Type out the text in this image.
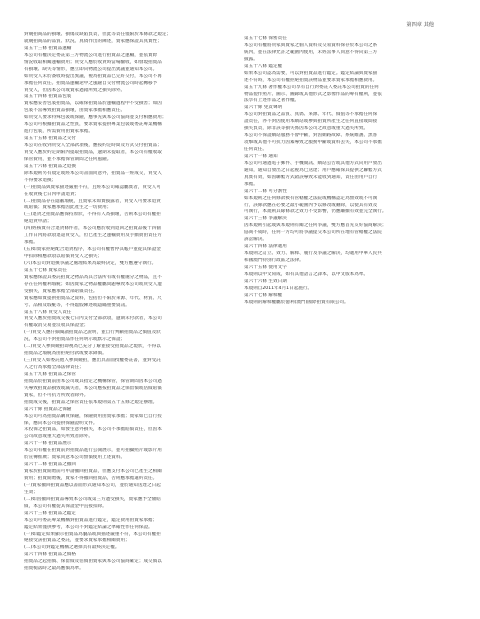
第四章 其他
對競拍商品的損壞、損傷及缺陷負責，但此等責任僅限於本條款之規定；
就競拍商品的品質、狀況、真偽作出的陳述，賣家應保證其真實性；
第五十三條 拍賣品運輸
本公司有權決定委託第三方物流公司進行拍賣品之運輸，並依實際
情況收取相關運輸費用；買受人應於收貨時當場驗收，如發現拍賣品
有損壞、缺失等情形，應立即向物流公司提出異議並通知本公司。
如買受人未於簽收時提出異議，視為拍賣品已完好交付，本公司不再
承擔任何責任。拍賣品運輸途中之風險自交付物流公司時起轉移予
買受人，但因本公司或賣家過錯所致之損失除外。
第五十四條 拍賣品包裝
賣家應妥善包裝拍賣品，以確保拍賣品於運輸過程中不受損害；如因
包裝不當導致拍賣品損壞，由賣家承擔相應責任。
如買受人要求特殊包裝或保險，應事先與本公司協商並支付相應費用；
本公司可根據拍賣品之性質，要求賣家提供專業包裝或委託專業機構
進行包裝，所需費用由賣家承擔。
第五十五條 拍賣品之交付
本公司在收到買受人全部款項後，應按約定時間及方式交付拍賣品；
買受人應於約定期限內提取拍賣品，逾期未提取者，本公司有權收取
保管費用，並不承擔保管期間之任何風險。
第五十六條 拍賣品之退換
除本規則另有規定或經本公司書面同意外，拍賣品一經成交，買受人
不得要求退換；
(一)拍賣品與賣家描述嚴重不符，且經本公司確認屬實者，買受人可
在收貨後七日內申請退貨；
(二)拍賣品存在隱蔽瑕疵，且賣家未如實披露者，買受人可要求退貨
或賠償；賣家應承擔因此產生之一切費用；
(三)退貨之拍賣品應保持原狀，不得有人為損壞，否則本公司有權拒
絕退貨申請；
(四)經核實符合退貨條件者，本公司應於收到退回之拍賣品後十四個
工作日內將款項退還買受人，但已產生之運輸費用及手續費由責任方
承擔。
(五)如賣家拒絕配合退貨程序，本公司有權暫停其帳戶並從其保證金
中扣除相應款項以賠償買受人之損失；
(六)本公司對退換爭議之處理結果為最終決定，雙方應遵守執行。
第五十七條 賣家責任
賣家應保證其委託拍賣之物品為其合法所有或有權處分之物品，且不
存在任何權利瑕疵；如因賣家之物品權屬問題導致本公司或買受人遭
受損失，賣家應承擔全部賠償責任。
賣家應如實提供拍賣品之資料，包括但不限於來源、年代、材質、尺
寸、品相及瑕疵等，不得虛假陳述或隱瞞重要資訊。
第五十八條 買受人責任
買受人應於拍賣成交後七日內支付全部款項，逾期未付款者，本公司
有權取消交易並沒收其保證金；
(一)買受人應仔細閱讀拍賣品之說明，並自行判斷拍賣品之價值及狀
況，本公司不對拍賣品作任何明示或默示之保證；
(二)買受人參與競拍即視為已充分了解並接受拍賣品之現狀，不得以
拍賣品之瑕疵為由拒絕付款或要求降價。
(三)買受人如委託他人參與競拍，應出具書面授權委託書，並對受託
人之行為承擔全部法律責任；
第五十九條 拍賣品之保管
拍賣品於拍賣前由本公司或其指定之機構保管，保管期間因本公司過
失導致拍賣品損毀或滅失者，本公司應按拍賣品之保留價或估價賠償
賣家，但不可抗力所致者除外。
拍賣成交後，拍賣品之保管責任依本規則第五十五條之規定辦理。
第六十條 拍賣品之保險
本公司可為拍賣品購買保險，保險費用由賣家承擔；賣家如已自行投
保，應向本公司提供保險證明文件。
未投保之拍賣品，如發生意外損失，本公司不承擔賠償責任，但因本
公司故意或重大過失所致者除外。
第六十一條 拍賣品展示
本公司有權在拍賣前對拍賣品進行公開展示，並可拍攝照片或影片用
於宣傳推廣；賣家同意本公司無償使用上述資料。
第六十二條 拍賣品之撤回
賣家於拍賣開始前可申請撤回拍賣品，但應支付本公司已產生之相關
費用；拍賣開始後，賣家不得撤回拍賣品，否則應承擔違約責任。
(一)賣家撤回拍賣品應以書面形式通知本公司，並於通知送達之日起
生效；
(二)如因撤回拍賣品導致本公司或第三方遭受損失，賣家應予全額賠
償，本公司有權從其保證金中直接扣除。
第六十三條 拍賣品之鑑定
本公司可委託專業機構對拍賣品進行鑑定，鑑定費用由賣家承擔；
鑑定結果僅供參考，本公司不對鑑定結論之準確性作任何保證。
(一)如鑑定結果顯示拍賣品為贗品或與描述嚴重不符，本公司有權拒
絕接受該拍賣品之委託，並要求賣家承擔相關費用；
(二)本公司對鑑定機構之選擇具有最終決定權。
第六十四條 拍賣品之價格
拍賣品之起拍價、保留價及估價由賣家與本公司協商確定；成交價以
拍賣槌落時之最高應價為準。
第五十七條 保密責任
本公司有權將買家與賣家之個人資料及交易資料保存於本公司之系
統內，並在法律允許之範圍內使用，未經當事人同意不得向第三方
披露。
第五十八條 鑑定權
如果本公司認為需要，可以對拍賣品進行鑑定。鑑定結論與賣家描
述不符時，本公司有權拒絕拍賣該物品並要求賣家承擔相應費用。
第五十九條 著作權本公司享有自行對委託人委託本公司拍賣的任何
物品製作照片、圖示、圖錄或其他形式之影像作品的專有權利，並依
法享有上述作品之著作權。
第六十條 免責聲明
本公司對拍賣品之品質、真偽、來源、年代、價值等不承擔任何保
證責任，亦不對因使用本網站或參與拍賣所產生之任何直接或間接
損失負責，除非該等損失係因本公司之故意或重大過失所致。
本公司不保證網站服務不會中斷，對因網路故障、系統維護、黑客
攻擊或其他不可抗力因素導致之服務中斷或資料丟失，本公司不承擔
任何責任。
第六十一條 通知
本公司可通過電子郵件、手機簡訊、網站公告或其他方式向用戶發出
通知，通知自發出之日起視為已送達；用戶應確保其提供之聯繫方式
真實有效，如因聯繫方式錯誤導致未能收到通知，責任由用戶自行
承擔。
第六十二條 可分割性
如本規則之任何條款被有管轄權之法院或機構認定為無效或不可執
行，該條款應在必要之最小範圍內予以修改或刪除，以使其有效及
可執行，本規則其餘條款之效力不受影響，仍應繼續有效並完全執行。
第六十三條 爭議解決
因本規則引起或與本規則有關之任何爭議，雙方應首先友好協商解決；
協商不成時，任何一方均可將爭議提交本公司所在地有管轄權之法院
訴訟解決。
第六十四條 法律適用
本規則之訂立、效力、解釋、履行及爭議之解決，均適用中華人民共
和國澳門特別行政區之法律。
第六十五條 使用文字
本規則以中文寫成，如有其他語言之譯本，以中文版本為準。
第六十六條 生效日期
本規則自2011年4月1日起施行。
第六十七條 解釋權
本規則的解釋權屬於億利(澳門)國際拍賣有限公司。
